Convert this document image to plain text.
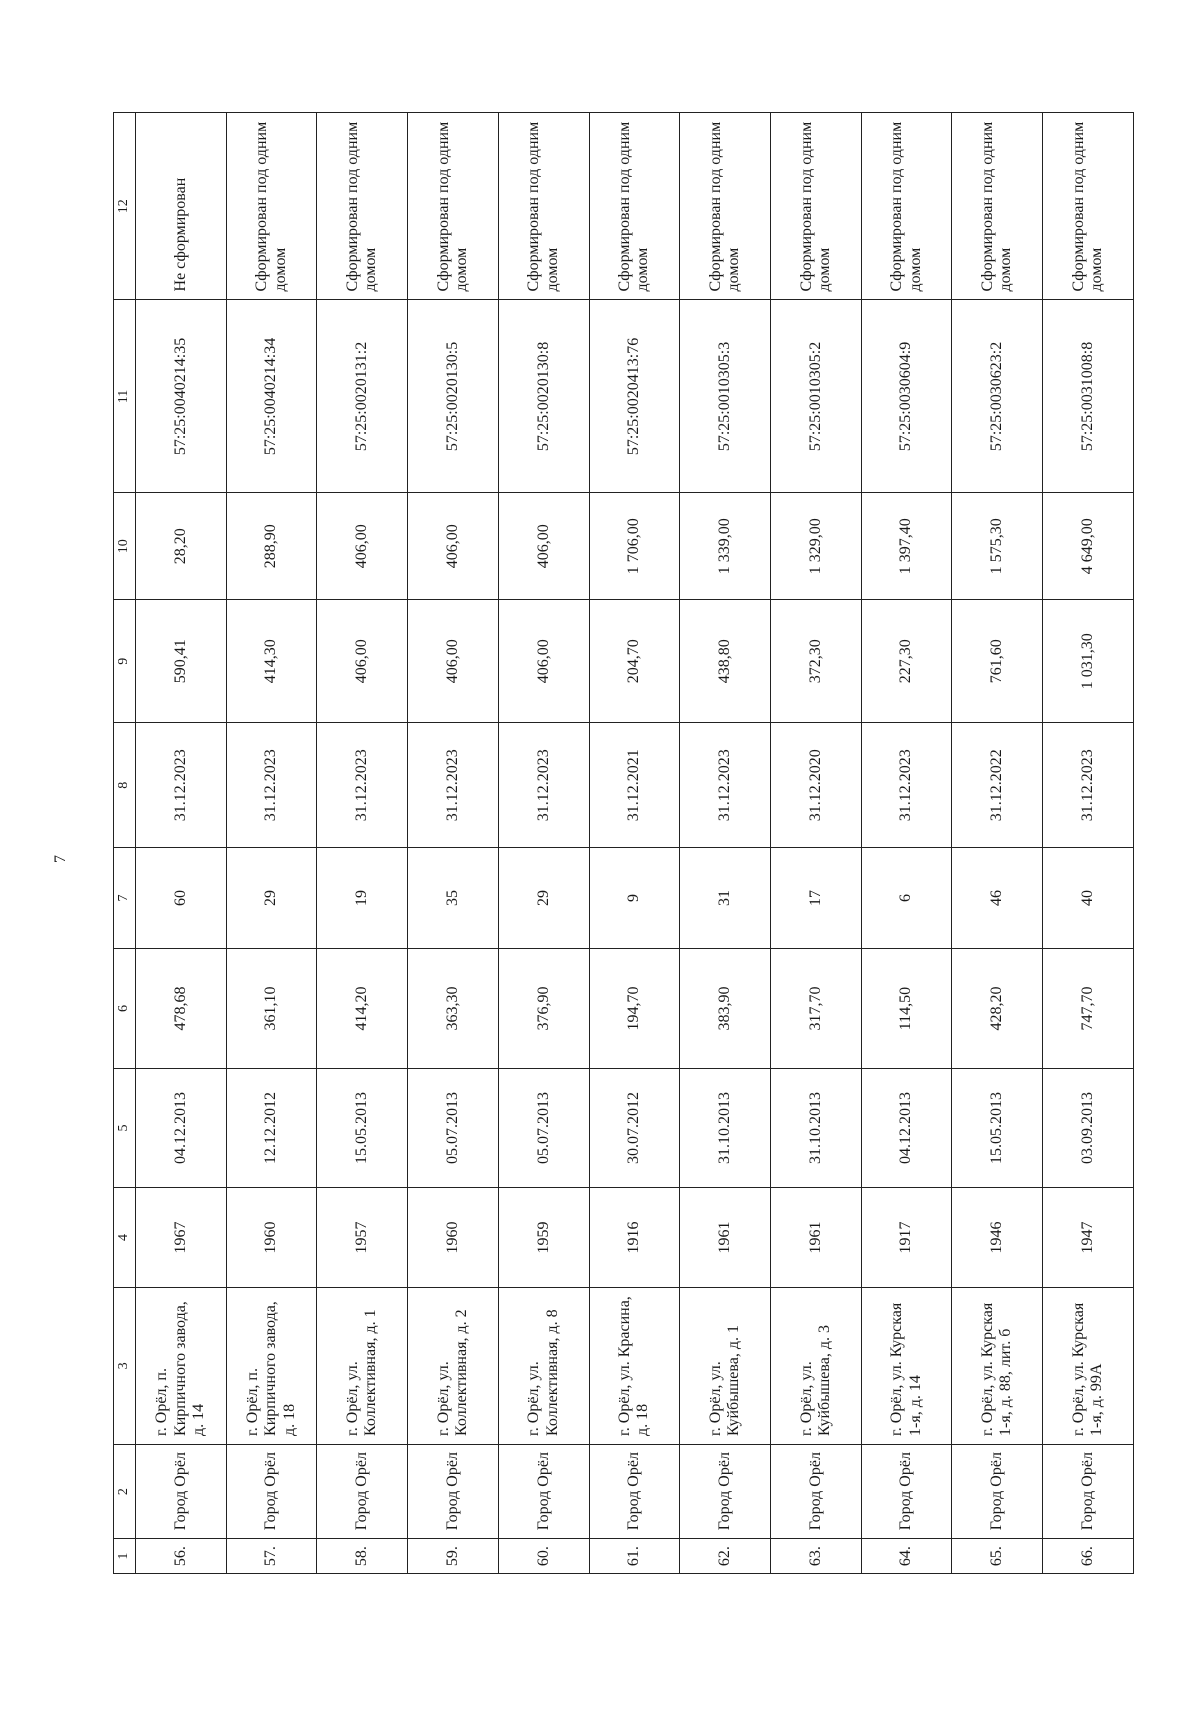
7
1	2	3	4	5	6	7	8	9	10	11	12
56.	Город Орёл	г. Орёл, п. Кирпичного завода, д. 14	1967	04.12.2013	478,68	60	31.12.2023	590,41	28,20	57:25:0040214:35	Не сформирован
57.	Город Орёл	г. Орёл, п. Кирпичного завода, д. 18	1960	12.12.2012	361,10	29	31.12.2023	414,30	288,90	57:25:0040214:34	Сформирован под одним домом
58.	Город Орёл	г. Орёл, ул. Коллективная, д. 1	1957	15.05.2013	414,20	19	31.12.2023	406,00	406,00	57:25:0020131:2	Сформирован под одним домом
59.	Город Орёл	г. Орёл, ул. Коллективная, д. 2	1960	05.07.2013	363,30	35	31.12.2023	406,00	406,00	57:25:0020130:5	Сформирован под одним домом
60.	Город Орёл	г. Орёл, ул. Коллективная, д. 8	1959	05.07.2013	376,90	29	31.12.2023	406,00	406,00	57:25:0020130:8	Сформирован под одним домом
61.	Город Орёл	г. Орёл, ул. Красина, д. 18	1916	30.07.2012	194,70	9	31.12.2021	204,70	1 706,00	57:25:0020413:76	Сформирован под одним домом
62.	Город Орёл	г. Орёл, ул. Куйбышева, д. 1	1961	31.10.2013	383,90	31	31.12.2023	438,80	1 339,00	57:25:0010305:3	Сформирован под одним домом
63.	Город Орёл	г. Орёл, ул. Куйбышева, д. 3	1961	31.10.2013	317,70	17	31.12.2020	372,30	1 329,00	57:25:0010305:2	Сформирован под одним домом
64.	Город Орёл	г. Орёл, ул. Курская 1-я, д. 14	1917	04.12.2013	114,50	6	31.12.2023	227,30	1 397,40	57:25:0030604:9	Сформирован под одним домом
65.	Город Орёл	г. Орёл, ул. Курская 1-я, д. 88, лит. б	1946	15.05.2013	428,20	46	31.12.2022	761,60	1 575,30	57:25:0030623:2	Сформирован под одним домом
66.	Город Орёл	г. Орёл, ул. Курская 1-я, д. 99А	1947	03.09.2013	747,70	40	31.12.2023	1 031,30	4 649,00	57:25:0031008:8	Сформирован под одним домом
